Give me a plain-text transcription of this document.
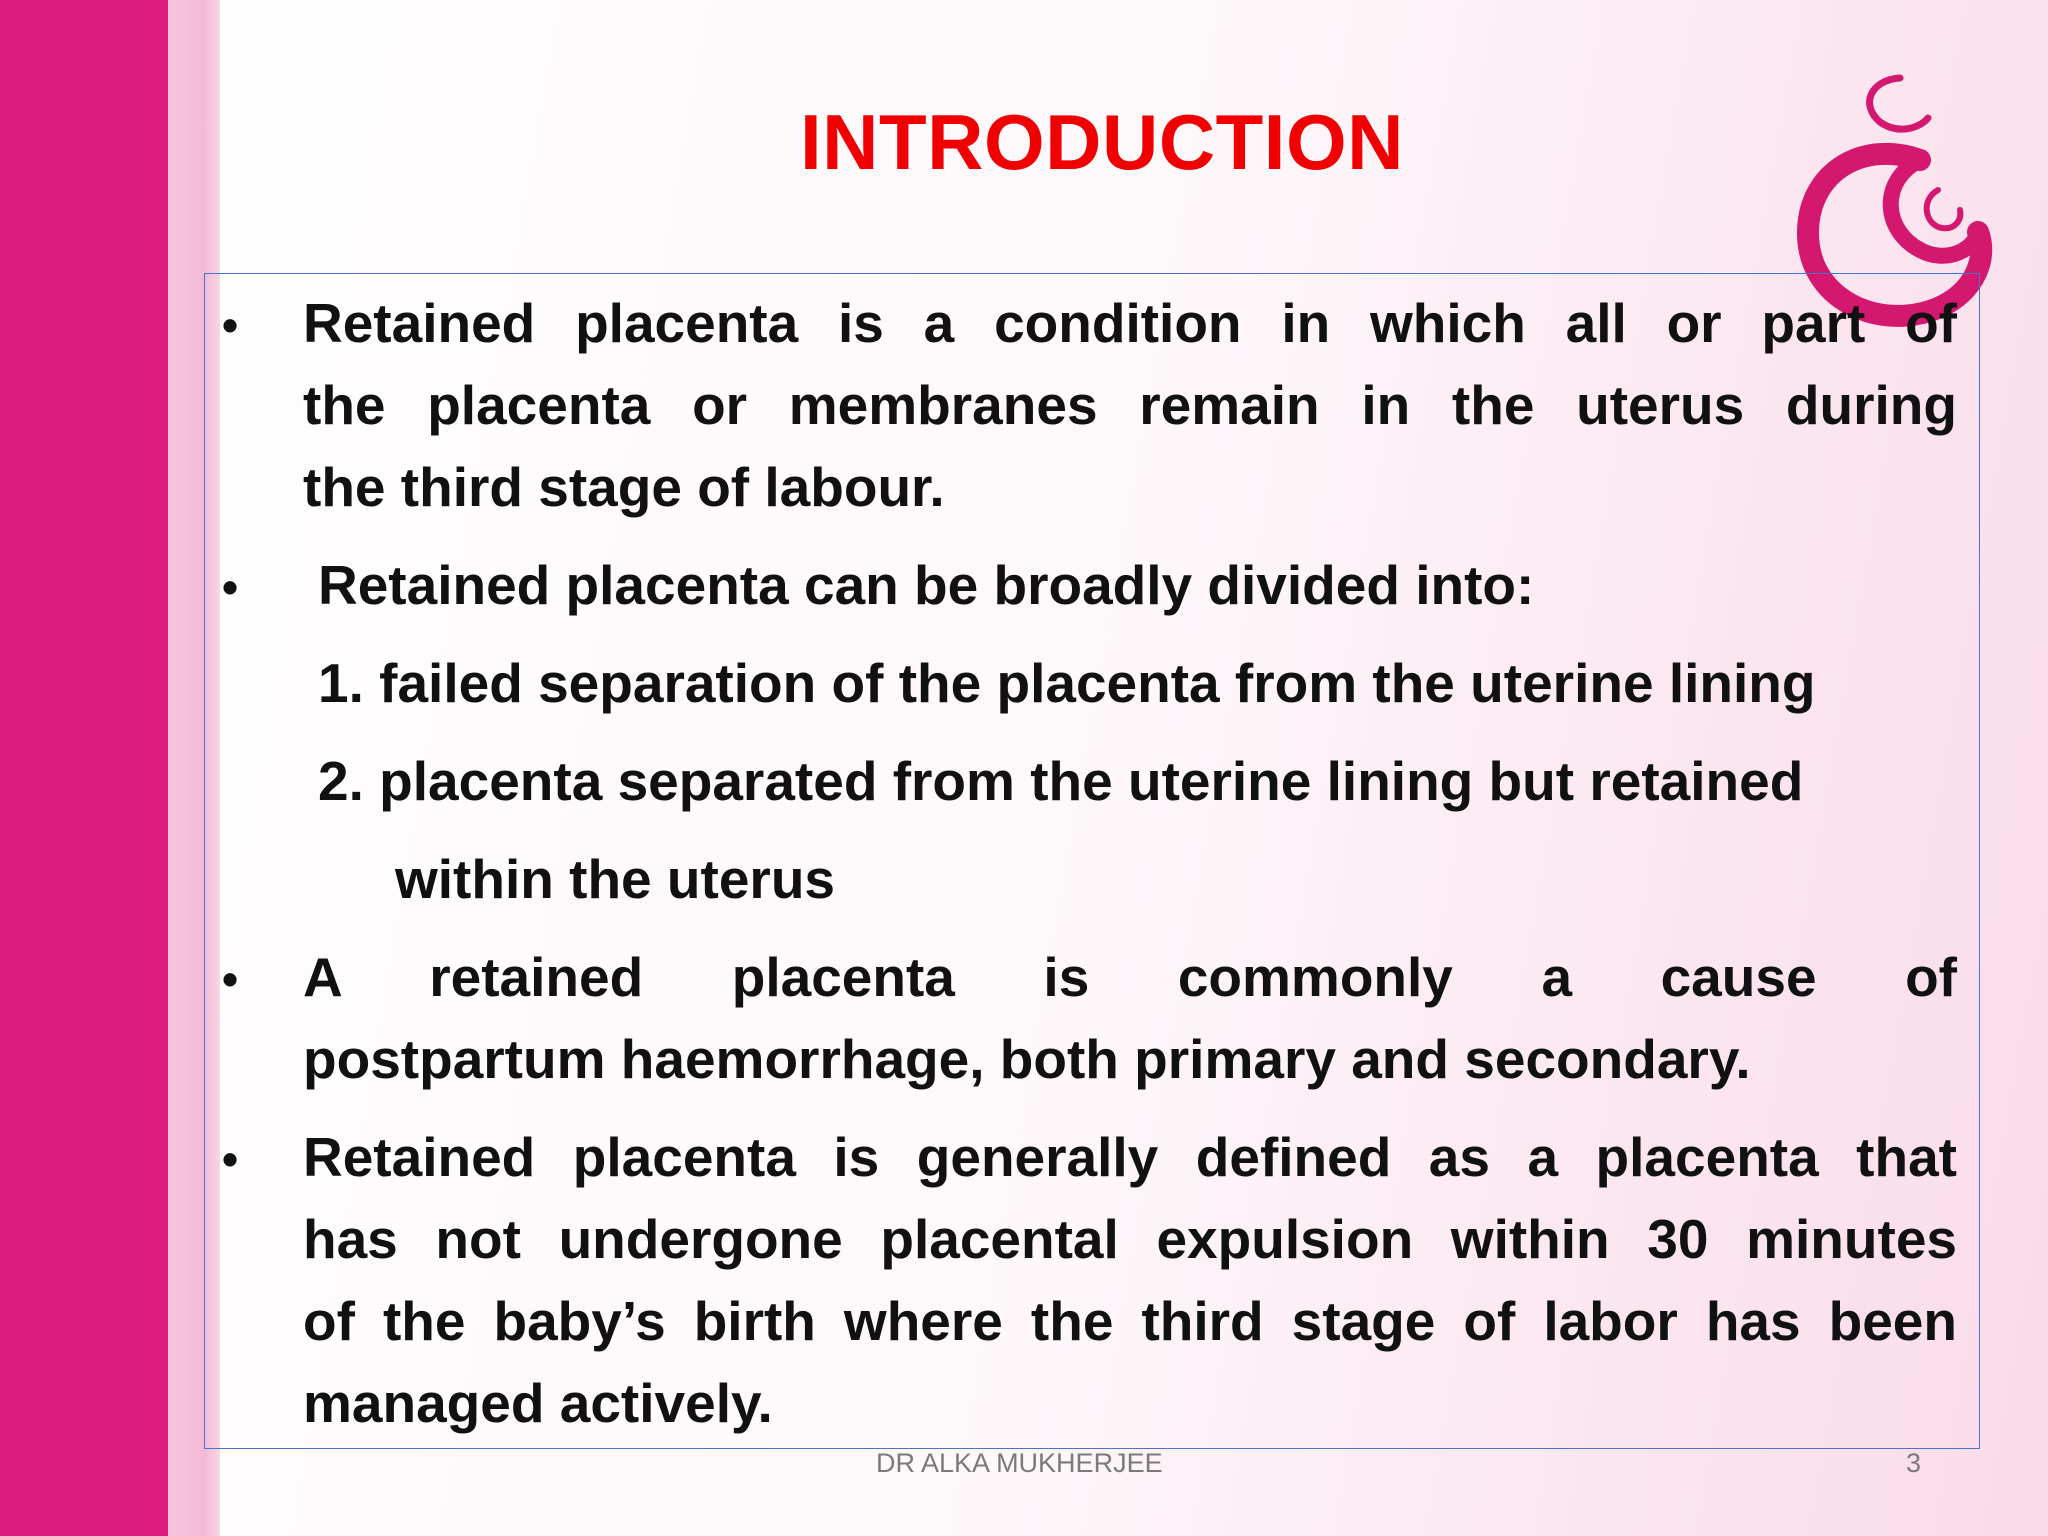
INTRODUCTION
• Retained placenta is a condition in which all or part of
the placenta or membranes remain in the uterus during
the third stage of labour.
• Retained placenta can be broadly divided into:
1. failed separation of the placenta from the uterine lining
2. placenta separated from the uterine lining but retained
within the uterus
• A retained placenta is commonly a cause of
postpartum haemorrhage, both primary and secondary.
• Retained placenta is generally defined as a placenta that
has not undergone placental expulsion within 30 minutes
of the baby’s birth where the third stage of labor has been
managed actively.
DR ALKA MUKHERJEE	3
